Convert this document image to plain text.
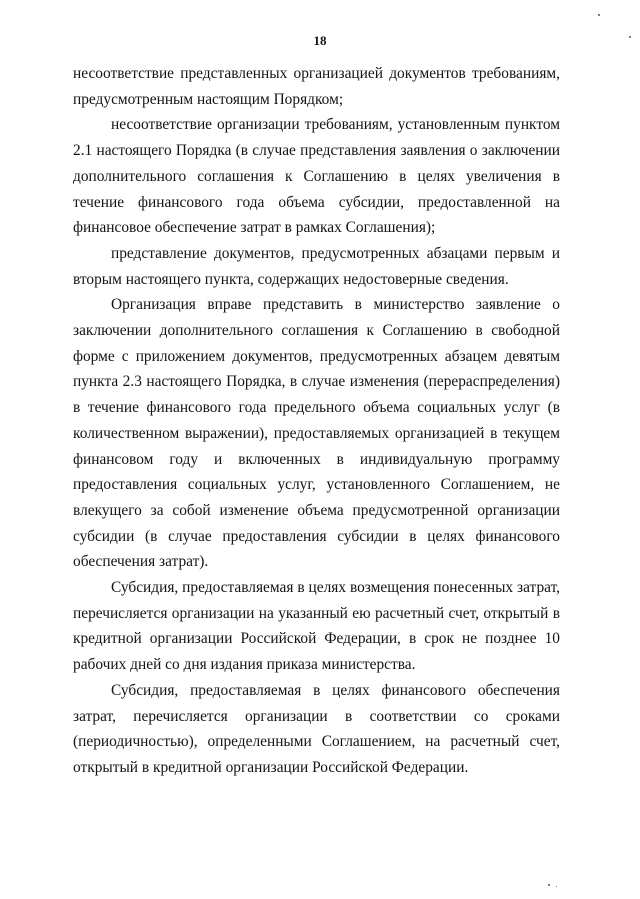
18

несоответствие представленных организацией документов требованиям, предусмотренным настоящим Порядком;

несоответствие организации требованиям, установленным пунктом 2.1 настоящего Порядка (в случае представления заявления о заключении дополнительного соглашения к Соглашению в целях увеличения в течение финансового года объема субсидии, предоставленной на финансовое обеспечение затрат в рамках Соглашения);

представление документов, предусмотренных абзацами первым и вторым настоящего пункта, содержащих недостоверные сведения.

Организация вправе представить в министерство заявление о заключении дополнительного соглашения к Соглашению в свободной форме с приложением документов, предусмотренных абзацем девятым пункта 2.3 настоящего Порядка, в случае изменения (перераспределения) в течение финансового года предельного объема социальных услуг (в количественном выражении), предоставляемых организацией в текущем финансовом году и включенных в индивидуальную программу предоставления социальных услуг, установленного Соглашением, не влекущего за собой изменение объема предусмотренной организации субсидии (в случае предоставления субсидии в целях финансового обеспечения затрат).

Субсидия, предоставляемая в целях возмещения понесенных затрат, перечисляется организации на указанный ею расчетный счет, открытый в кредитной организации Российской Федерации, в срок не позднее 10 рабочих дней со дня издания приказа министерства.

Субсидия, предоставляемая в целях финансового обеспечения затрат, перечисляется организации в соответствии со сроками (периодичностью), определенными Соглашением, на расчетный счет, открытый в кредитной организации Российской Федерации.
